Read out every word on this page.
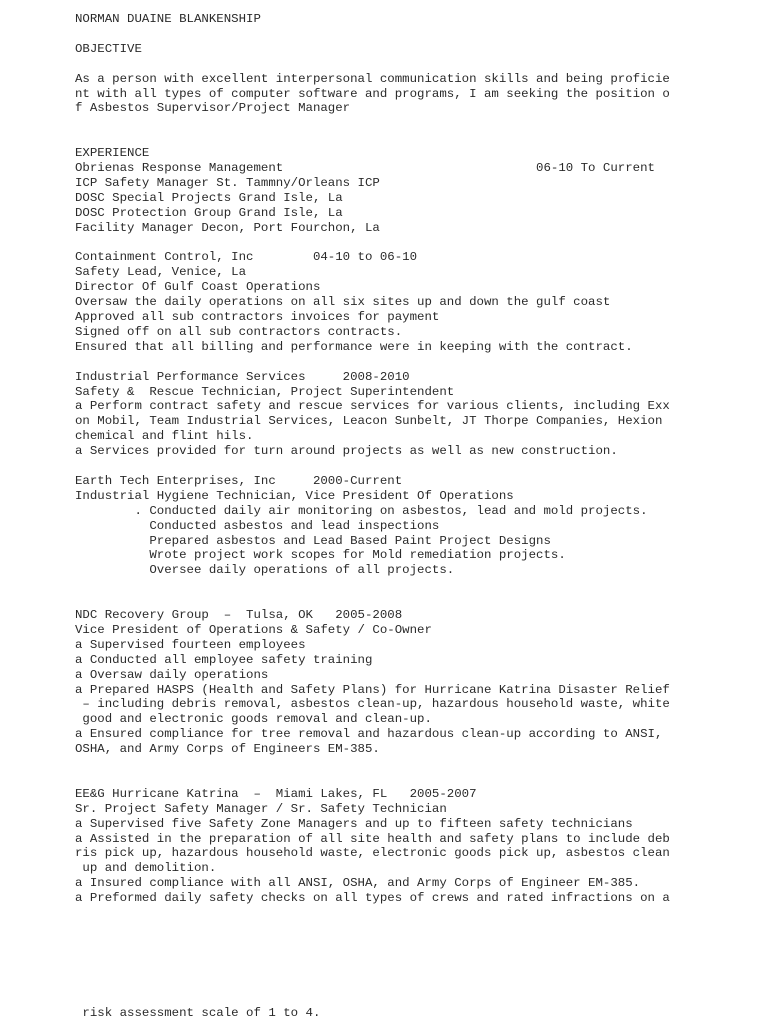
NORMAN DUAINE BLANKENSHIP
OBJECTIVE
As a person with excellent interpersonal communication skills and being proficie
nt with all types of computer software and programs, I am seeking the position o
f Asbestos Supervisor/Project Manager
EXPERIENCE
Obrienas Response Management                                  06-10 To Current
ICP Safety Manager St. Tammny/Orleans ICP
DOSC Special Projects Grand Isle, La
DOSC Protection Group Grand Isle, La
Facility Manager Decon, Port Fourchon, La
Containment Control, Inc        04-10 to 06-10
Safety Lead, Venice, La
Director Of Gulf Coast Operations
Oversaw the daily operations on all six sites up and down the gulf coast
Approved all sub contractors invoices for payment
Signed off on all sub contractors contracts.
Ensured that all billing and performance were in keeping with the contract.
Industrial Performance Services     2008-2010
Safety &  Rescue Technician, Project Superintendent
a Perform contract safety and rescue services for various clients, including Exx
on Mobil, Team Industrial Services, Leacon Sunbelt, JT Thorpe Companies, Hexion
chemical and flint hils.
a Services provided for turn around projects as well as new construction.
Earth Tech Enterprises, Inc     2000-Current
Industrial Hygiene Technician, Vice President Of Operations
. Conducted daily air monitoring on asbestos, lead and mold projects.
Conducted asbestos and lead inspections
Prepared asbestos and Lead Based Paint Project Designs
Wrote project work scopes for Mold remediation projects.
Oversee daily operations of all projects.
NDC Recovery Group  –  Tulsa, OK   2005-2008
Vice President of Operations & Safety / Co-Owner
a Supervised fourteen employees
a Conducted all employee safety training
a Oversaw daily operations
a Prepared HASPS (Health and Safety Plans) for Hurricane Katrina Disaster Relief
– including debris removal, asbestos clean-up, hazardous household waste, white
good and electronic goods removal and clean-up.
a Ensured compliance for tree removal and hazardous clean-up according to ANSI,
OSHA, and Army Corps of Engineers EM-385.
EE&G Hurricane Katrina  –  Miami Lakes, FL   2005-2007
Sr. Project Safety Manager / Sr. Safety Technician
a Supervised five Safety Zone Managers and up to fifteen safety technicians
a Assisted in the preparation of all site health and safety plans to include deb
ris pick up, hazardous household waste, electronic goods pick up, asbestos clean
up and demolition.
a Insured compliance with all ANSI, OSHA, and Army Corps of Engineer EM-385.
a Preformed daily safety checks on all types of crews and rated infractions on a
risk assessment scale of 1 to 4.
